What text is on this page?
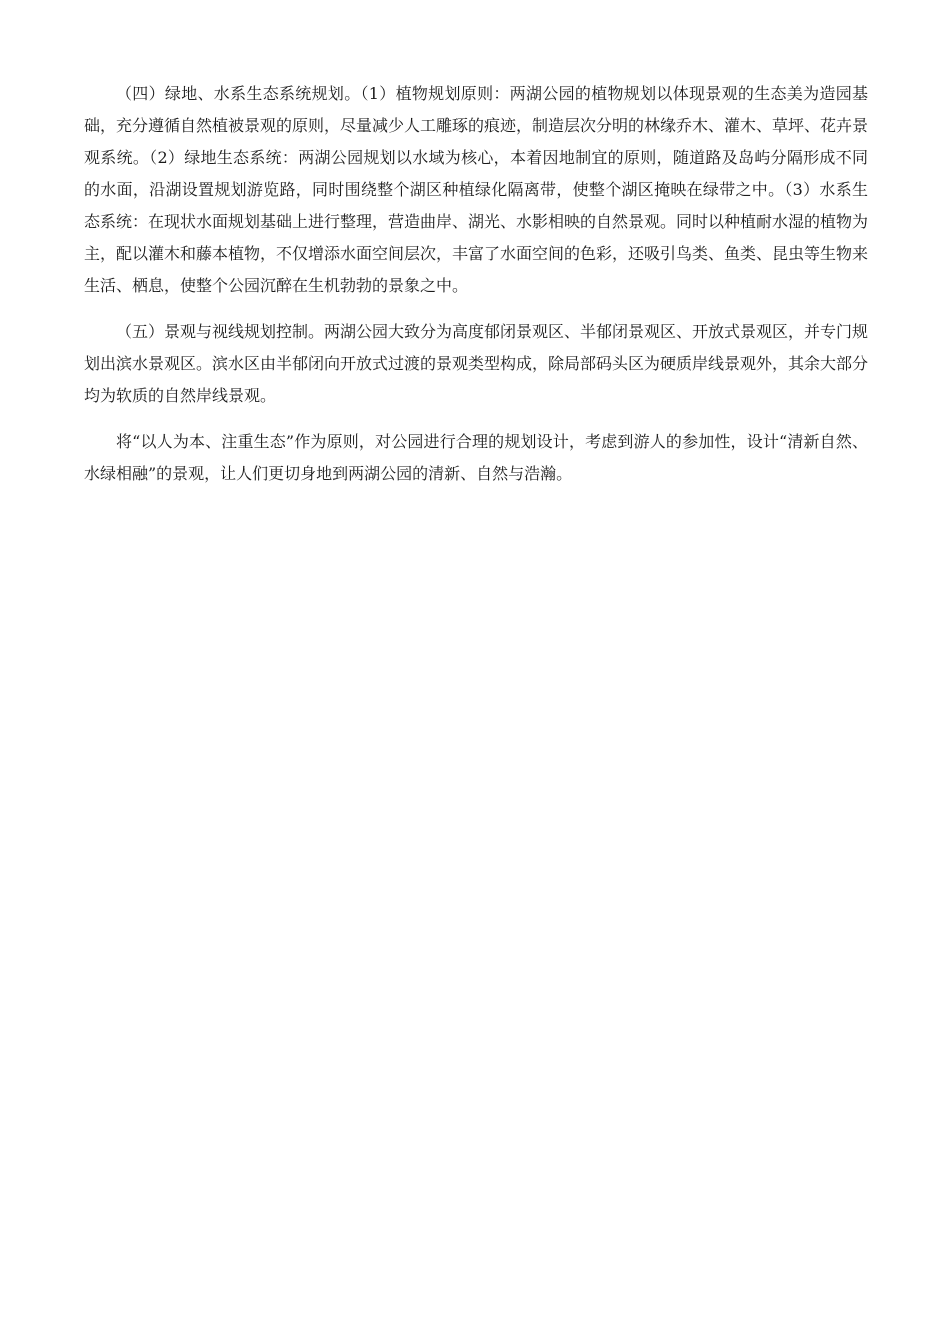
（四）绿地、水系生态系统规划。（1）植物规划原则：两湖公园的植物规划以体现景观的生态美为造园基础，充分遵循自然植被景观的原则，尽量减少人工雕琢的痕迹，制造层次分明的林缘乔木、灌木、草坪、花卉景观系统。（2）绿地生态系统：两湖公园规划以水域为核心，本着因地制宜的原则，随道路及岛屿分隔形成不同的水面，沿湖设置规划游览路，同时围绕整个湖区种植绿化隔离带，使整个湖区掩映在绿带之中。（3）水系生态系统：在现状水面规划基础上进行整理，营造曲岸、湖光、水影相映的自然景观。同时以种植耐水湿的植物为主，配以灌木和藤本植物，不仅增添水面空间层次，丰富了水面空间的色彩，还吸引鸟类、鱼类、昆虫等生物来生活、栖息，使整个公园沉醉在生机勃勃的景象之中。

（五）景观与视线规划控制。两湖公园大致分为高度郁闭景观区、半郁闭景观区、开放式景观区，并专门规划出滨水景观区。滨水区由半郁闭向开放式过渡的景观类型构成，除局部码头区为硬质岸线景观外，其余大部分均为软质的自然岸线景观。

将“以人为本、注重生态”作为原则，对公园进行合理的规划设计，考虑到游人的参加性，设计“清新自然、水绿相融”的景观，让人们更切身地到两湖公园的清新、自然与浩瀚。
